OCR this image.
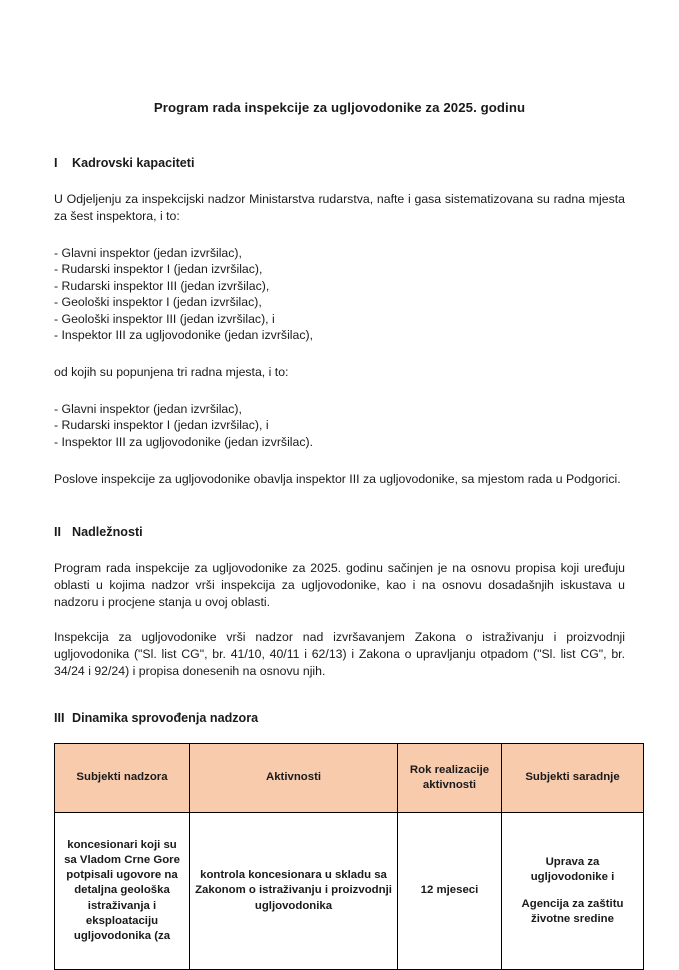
Program rada inspekcije za ugljovodonike za 2025. godinu
I Kadrovski kapaciteti

U Odjeljenju za inspekcijski nadzor Ministarstva rudarstva, nafte i gasa sistematizovana su radna mjesta za šest inspektora, i to:

- Glavni inspektor (jedan izvršilac),
- Rudarski inspektor I (jedan izvršilac),
- Rudarski inspektor III (jedan izvršilac),
- Geološki inspektor I (jedan izvršilac),
- Geološki inspektor III (jedan izvršilac), i
- Inspektor III za ugljovodonike (jedan izvršilac),

od kojih su popunjena tri radna mjesta, i to:

- Glavni inspektor (jedan izvršilac),
- Rudarski inspektor I (jedan izvršilac), i
- Inspektor III za ugljovodonike (jedan izvršilac).

Poslove inspekcije za ugljovodonike obavlja inspektor III za ugljovodonike, sa mjestom rada u Podgorici.

II Nadležnosti

Program rada inspekcije za ugljovodonike za 2025. godinu sačinjen je na osnovu propisa koji uređuju oblasti u kojima nadzor vrši inspekcija za ugljovodonike, kao i na osnovu dosadašnjih iskustava u nadzoru i procjene stanja u ovoj oblasti.

Inspekcija za ugljovodonike vrši nadzor nad izvršavanjem Zakona o istraživanju i proizvodnji ugljovodonika ("Sl. list CG", br. 41/10, 40/11 i 62/13) i Zakona o upravljanju otpadom ("Sl. list CG", br. 34/24 i 92/24) i propisa donesenih na osnovu njih.

III Dinamika sprovođenja nadzora
Subjekti nadzora	Aktivnosti	Rok realizacije aktivnosti	Subjekti saradnje
koncesionari koji su sa Vladom Crne Gore potpisali ugovore na detaljna geološka istraživanja i eksploataciju ugljovodonika (za	kontrola koncesionara u skladu sa Zakonom o istraživanju i proizvodnji ugljovodonika	12 mjeseci	Uprava za ugljovodonike i

Agencija za zaštitu životne sredine
